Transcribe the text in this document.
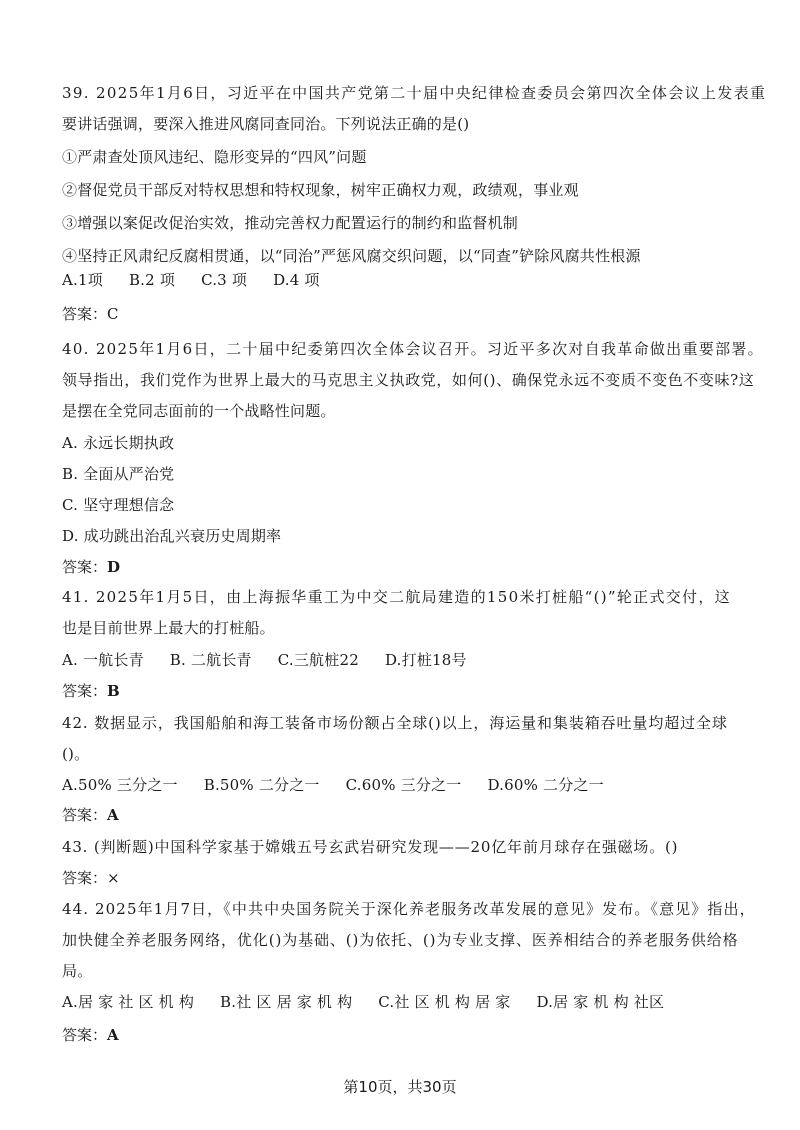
39. 2025年1月6日，习近平在中国共产党第二十届中央纪律检查委员会第四次全体会议上发表重
要讲话强调，要深入推进风腐同查同治。下列说法正确的是()
①严肃查处顶风违纪、隐形变异的“四风”问题
②督促党员干部反对特权思想和特权现象，树牢正确权力观，政绩观，事业观
③增强以案促改促治实效，推动完善权力配置运行的制约和监督机制
④坚持正风肃纪反腐相贯通，以“同治”严惩风腐交织问题，以“同查”铲除风腐共性根源
A.1项 B.2 项 C.3 项 D.4 项
答案：C
40. 2025年1月6日，二十届中纪委第四次全体会议召开。习近平多次对自我革命做出重要部署。
领导指出，我们党作为世界上最大的马克思主义执政党，如何()、确保党永远不变质不变色不变味?这
是摆在全党同志面前的一个战略性问题。
A. 永远长期执政
B. 全面从严治党
C. 坚守理想信念
D. 成功跳出治乱兴衰历史周期率
答案：D
41. 2025年1月5日，由上海振华重工为中交二航局建造的150米打桩船“()”轮正式交付，这
也是目前世界上最大的打桩船。
A. 一航长青 B. 二航长青 C.三航桩22 D.打桩18号
答案：B
42. 数据显示，我国船舶和海工装备市场份额占全球()以上，海运量和集装箱吞吐量均超过全球
()。
A.50% 三分之一 B.50% 二分之一 C.60% 三分之一 D.60% 二分之一
答案：A
43. (判断题)中国科学家基于嫦娥五号玄武岩研究发现——20亿年前月球存在强磁场。()
答案：×
44. 2025年1月7日，《中共中央国务院关于深化养老服务改革发展的意见》发布。《意见》指出，
加快健全养老服务网络，优化()为基础、()为依托、()为专业支撑、医养相结合的养老服务供给格
局。
A.居 家 社 区 机 构 B.社 区 居 家 机 构 C.社 区 机 构 居 家 D.居 家 机 构 社区
答案：A
第10页，共30页
